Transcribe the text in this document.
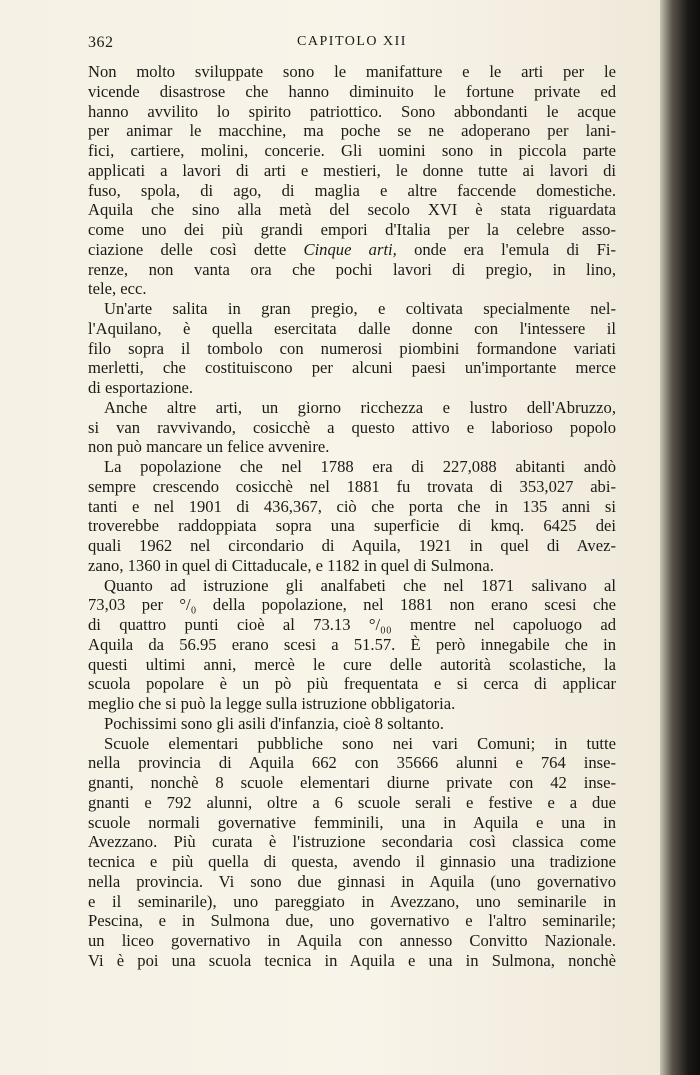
362	CAPITOLO XII
Non molto sviluppate sono le manifatture e le arti per le
vicende disastrose che hanno diminuito le fortune private ed
hanno avvilito lo spirito patriottico. Sono abbondanti le acque
per animar le macchine, ma poche se ne adoperano per lani-
fici, cartiere, molini, concerie. Gli uomini sono in piccola parte
applicati a lavori di arti e mestieri, le donne tutte ai lavori di
fuso, spola, di ago, di maglia e altre faccende domestiche.
Aquila che sino alla metà del secolo XVI è stata riguardata
come uno dei più grandi empori d'Italia per la celebre asso-
ciazione delle così dette Cinque arti, onde era l'emula di Fi-
renze, non vanta ora che pochi lavori di pregio, in lino,
tele, ecc.
Un'arte salita in gran pregio, e coltivata specialmente nel-
l'Aquilano, è quella esercitata dalle donne con l'intessere il
filo sopra il tombolo con numerosi piombini formandone variati
merletti, che costituiscono per alcuni paesi un'importante merce
di esportazione.
Anche altre arti, un giorno ricchezza e lustro dell'Abruzzo,
si van ravvivando, cosicchè a questo attivo e laborioso popolo
non può mancare un felice avvenire.
La popolazione che nel 1788 era di 227,088 abitanti andò
sempre crescendo cosicchè nel 1881 fu trovata di 353,027 abi-
tanti e nel 1901 di 436,367, ciò che porta che in 135 anni si
troverebbe raddoppiata sopra una superficie di kmq. 6425 dei
quali 1962 nel circondario di Aquila, 1921 in quel di Avez-
zano, 1360 in quel di Cittaducale, e 1182 in quel di Sulmona.
Quanto ad istruzione gli analfabeti che nel 1871 salivano al
73,03 per °/₀ della popolazione, nel 1881 non erano scesi che
di quattro punti cioè al 73.13 °/₀₀ mentre nel capoluogo ad
Aquila da 56.95 erano scesi a 51.57. È però innegabile che in
questi ultimi anni, mercè le cure delle autorità scolastiche, la
scuola popolare è un pò più frequentata e si cerca di applicar
meglio che si può la legge sulla istruzione obbligatoria.
Pochissimi sono gli asili d'infanzia, cioè 8 soltanto.
Scuole elementari pubbliche sono nei vari Comuni; in tutte
nella provincia di Aquila 662 con 35666 alunni e 764 inse-
gnanti, nonchè 8 scuole elementari diurne private con 42 inse-
gnanti e 792 alunni, oltre a 6 scuole serali e festive e a due
scuole normali governative femminili, una in Aquila e una in
Avezzano. Più curata è l'istruzione secondaria così classica come
tecnica e più quella di questa, avendo il ginnasio una tradizione
nella provincia. Vi sono due ginnasi in Aquila (uno governativo
e il seminarile), uno pareggiato in Avezzano, uno seminarile in
Pescina, e in Sulmona due, uno governativo e l'altro seminarile;
un liceo governativo in Aquila con annesso Convitto Nazionale.
Vi è poi una scuola tecnica in Aquila e una in Sulmona, nonchè
